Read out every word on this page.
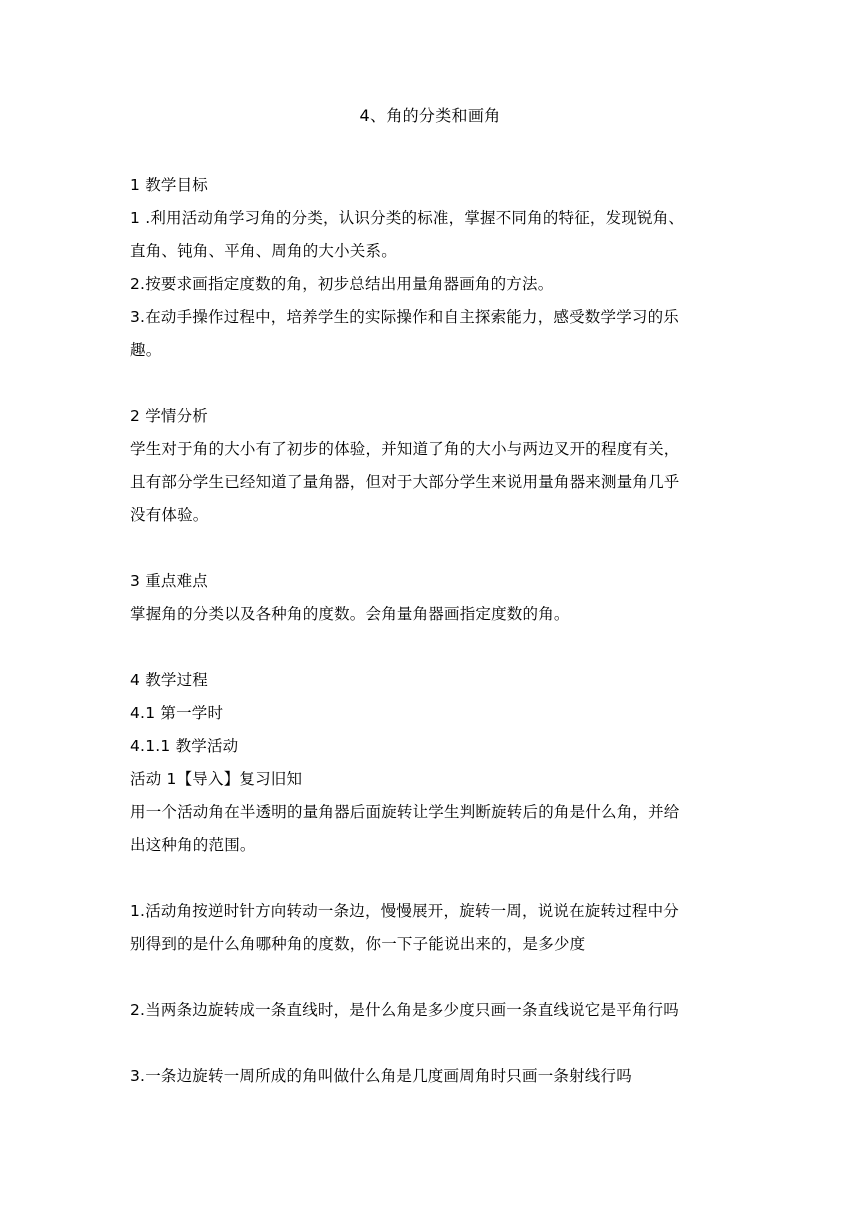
4、角的分类和画角

1 教学目标

1 .利用活动角学习角的分类，认识分类的标准，掌握不同角的特征，发现锐角、

直角、钝角、平角、周角的大小关系。

2.按要求画指定度数的角，初步总结出用量角器画角的方法。

3.在动手操作过程中，培养学生的实际操作和自主探索能力，感受数学学习的乐

趣。

2 学情分析

学生对于角的大小有了初步的体验，并知道了角的大小与两边叉开的程度有关，

且有部分学生已经知道了量角器，但对于大部分学生来说用量角器来测量角几乎

没有体验。

3 重点难点

掌握角的分类以及各种角的度数。会角量角器画指定度数的角。

4 教学过程

4.1 第一学时

4.1.1 教学活动

活动 1【导入】复习旧知

用一个活动角在半透明的量角器后面旋转让学生判断旋转后的角是什么角，并给

出这种角的范围。

1.活动角按逆时针方向转动一条边，慢慢展开，旋转一周，说说在旋转过程中分

别得到的是什么角哪种角的度数，你一下子能说出来的，是多少度

2.当两条边旋转成一条直线时，是什么角是多少度只画一条直线说它是平角行吗

3.一条边旋转一周所成的角叫做什么角是几度画周角时只画一条射线行吗
